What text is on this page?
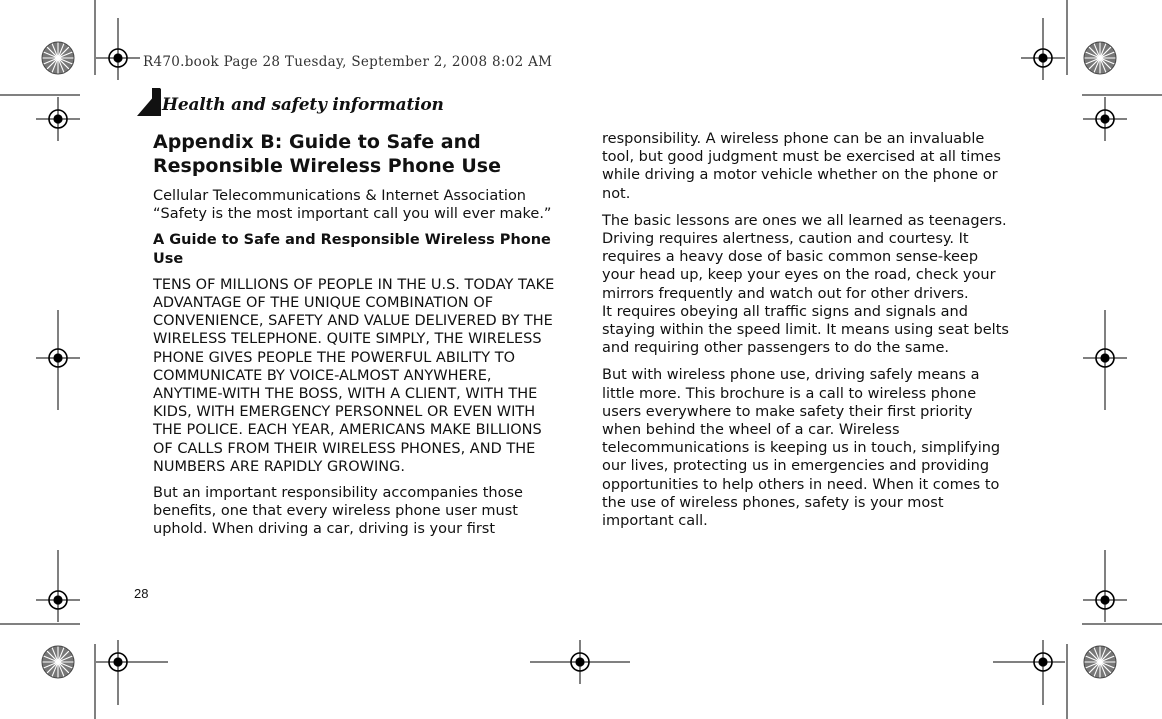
R470.book Page 28 Tuesday, September 2, 2008 8:02 AM
Health and safety information
Appendix B: Guide to Safe and Responsible Wireless Phone Use

Cellular Telecommunications & Internet Association
“Safety is the most important call you will ever make.”

A Guide to Safe and Responsible Wireless Phone Use

TENS OF MILLIONS OF PEOPLE IN THE U.S. TODAY TAKE ADVANTAGE OF THE UNIQUE COMBINATION OF CONVENIENCE, SAFETY AND VALUE DELIVERED BY THE WIRELESS TELEPHONE. QUITE SIMPLY, THE WIRELESS PHONE GIVES PEOPLE THE POWERFUL ABILITY TO COMMUNICATE BY VOICE-ALMOST ANYWHERE, ANYTIME-WITH THE BOSS, WITH A CLIENT, WITH THE KIDS, WITH EMERGENCY PERSONNEL OR EVEN WITH THE POLICE. EACH YEAR, AMERICANS MAKE BILLIONS OF CALLS FROM THEIR WIRELESS PHONES, AND THE NUMBERS ARE RAPIDLY GROWING.

But an important responsibility accompanies those benefits, one that every wireless phone user must uphold. When driving a car, driving is your first

responsibility. A wireless phone can be an invaluable tool, but good judgment must be exercised at all times while driving a motor vehicle whether on the phone or not.

The basic lessons are ones we all learned as teenagers. Driving requires alertness, caution and courtesy. It requires a heavy dose of basic common sense-keep your head up, keep your eyes on the road, check your mirrors frequently and watch out for other drivers.
It requires obeying all traffic signs and signals and staying within the speed limit. It means using seat belts and requiring other passengers to do the same.

But with wireless phone use, driving safely means a little more. This brochure is a call to wireless phone users everywhere to make safety their first priority when behind the wheel of a car. Wireless telecommunications is keeping us in touch, simplifying our lives, protecting us in emergencies and providing opportunities to help others in need. When it comes to the use of wireless phones, safety is your most important call.

28
